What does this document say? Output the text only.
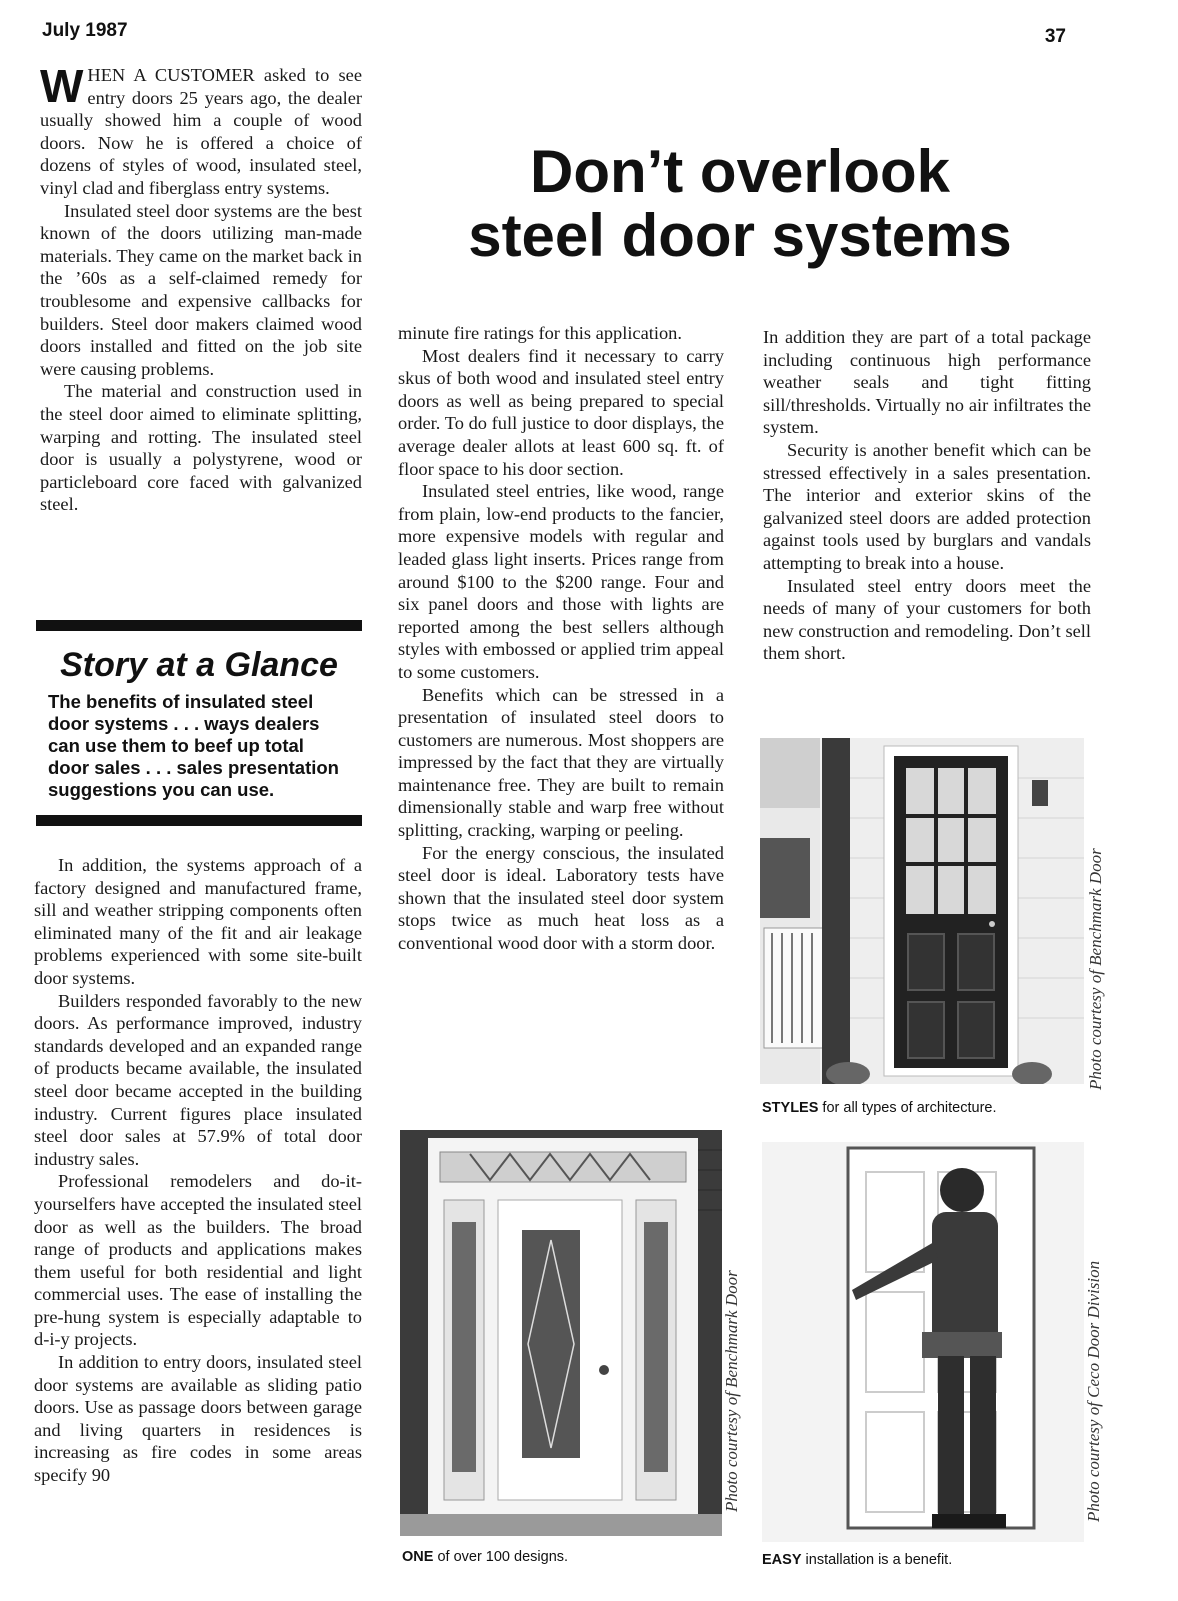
July 1987	37

WHEN A CUSTOMER asked to see entry doors 25 years ago, the dealer usually showed him a couple of wood doors. Now he is offered a choice of dozens of styles of wood, insulated steel, vinyl clad and fiberglass entry systems.

Insulated steel door systems are the best known of the doors utilizing man-made materials. They came on the market back in the ’60s as a self-claimed remedy for troublesome and expensive callbacks for builders. Steel door makers claimed wood doors installed and fitted on the job site were causing problems.

The material and construction used in the steel door aimed to eliminate splitting, warping and rotting. The insulated steel door is usually a polystyrene, wood or particleboard core faced with galvanized steel.

Don’t overlook
steel door systems
Story at a Glance
The benefits of insulated steel door systems . . . ways dealers can use them to beef up total door sales . . . sales presentation suggestions you can use.

In addition, the systems approach of a factory designed and manufactured frame, sill and weather stripping components often eliminated many of the fit and air leakage problems experienced with some site-built door systems.

Builders responded favorably to the new doors. As performance improved, industry standards developed and an expanded range of products became available, the insulated steel door became accepted in the building industry. Current figures place insulated steel door sales at 57.9% of total door industry sales.

Professional remodelers and do-it-yourselfers have accepted the insulated steel door as well as the builders. The broad range of products and applications makes them useful for both residential and light commercial uses. The ease of installing the pre-hung system is especially adaptable to d-i-y projects.

In addition to entry doors, insulated steel door systems are available as sliding patio doors. Use as passage doors between garage and living quarters in residences is increasing as fire codes in some areas specify 90

minute fire ratings for this application.

Most dealers find it necessary to carry skus of both wood and insulated steel entry doors as well as being prepared to special order. To do full justice to door displays, the average dealer allots at least 600 sq. ft. of floor space to his door section.

Insulated steel entries, like wood, range from plain, low-end products to the fancier, more expensive models with regular and leaded glass light inserts. Prices range from around $100 to the $200 range. Four and six panel doors and those with lights are reported among the best sellers although styles with embossed or applied trim appeal to some customers.

Benefits which can be stressed in a presentation of insulated steel doors to customers are numerous. Most shoppers are impressed by the fact that they are virtually maintenance free. They are built to remain dimensionally stable and warp free without splitting, cracking, warping or peeling.

For the energy conscious, the insulated steel door is ideal. Laboratory tests have shown that the insulated steel door system stops twice as much heat loss as a conventional wood door with a storm door.

In addition they are part of a total package including continuous high performance weather seals and tight fitting sill/thresholds. Virtually no air infiltrates the system.

Security is another benefit which can be stressed effectively in a sales presentation. The interior and exterior skins of the galvanized steel doors are added protection against tools used by burglars and vandals attempting to break into a house.

Insulated steel entry doors meet the needs of many of your customers for both new construction and remodeling. Don’t sell them short.

Photo courtesy of Benchmark Door
STYLES for all types of architecture.
Photo courtesy of Benchmark Door
ONE of over 100 designs.
Photo courtesy of Ceco Door Division
EASY installation is a benefit.
